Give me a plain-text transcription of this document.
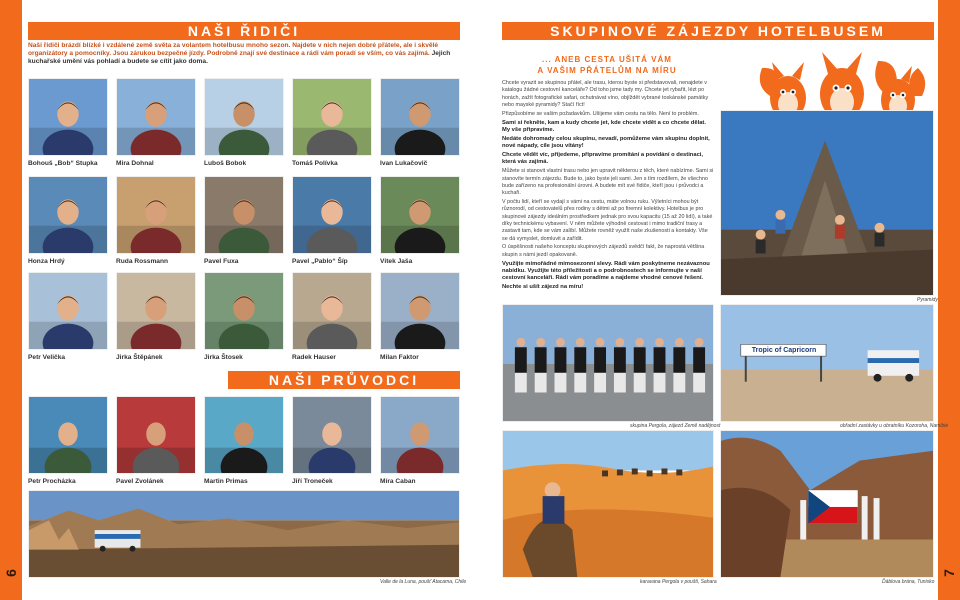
6
NAŠI ŘIDIČI
Naši řidiči brázdí blízké i vzdálené země světa za volantem hotelbusu mnoho sezon. Najdete v nich nejen dobré přátele, ale i skvělé organizátory a pomocníky. Jsou zárukou bezpečné jízdy. Podrobně znají své destinace a rádi vám poradí se vším, co vás zajímá. Jejich kuchařské umění vás pohladí a budete se cítit jako doma.
Bohouš „Bob“ Stupka	Mira Dohnal	Luboš Bobok	Tomáš Polívka	Ivan Lukačovič
Honza Hrdý	Ruda Rossmann	Pavel Fuxa	Pavel „Pablo“ Šíp	Vítek Jaša
Petr Velička	Jirka Štěpánek	Jirka Štosek	Radek Hauser	Milan Faktor
NAŠI PRŮVODCI
Petr Procházka	Pavel Zvolánek	Martin Primas	Jiří Troneček	Míra Caban
Valle de la Luna, poušť Atacama, Chile
7
SKUPINOVÉ ZÁJEZDY HOTELBUSEM
... ANEB CESTA UŠITÁ VÁM
A VAŠIM PŘÁTELŮM NA MÍRU

Chcete vyrazit se skupinou přátel, ale trasu, kterou byste si představovali, nenajdete v katalogu žádné cestovní kanceláře? Od toho jsme tady my. Chcete jet rybařit, lézt po horách, zažít fotografické safari, ochutnávat víno, objíždět vybrané toskánské památky nebo mayské pyramidy? Stačí říct!

Přizpůsobíme se vašim požadavkům. Ušijeme vám cestu na tělo. Není to problém.

Sami si řekněte, kam a kudy chcete jet, kde chcete vidět a co chcete dělat. My vše připravíme.

Nedáte dohromady celou skupinu, nevadí, pomůžeme vám skupinu doplnit, nové nápady, cíle jsou vítány!

Chcete vědět víc, přijedeme, připravíme promítání a povídání o destinaci, která vás zajímá.

Můžete si stanovit vlastní trasu nebo jen upravit některou z těch, které nabízíme. Sami si stanovíte termín zájezdu. Bude to, jako byste jeli sami. Jen s tím rozdílem, že všechno bude zařízeno na profesionální úrovni. A budete mít své řidiče, kteří jsou i průvodci a kuchaři.

V počtu lidí, kteří se vydají s vámi na cestu, máte volnou ruku. Výletníci mohou být různorodí, od cestovatelů přes rodiny s dětmi až po firemní kolektivy. Hotelbus je pro skupinové zájezdy ideálním prostředkem jednak pro svou kapacitu (15 až 20 lidí), a také díky technickému vybavení. V něm můžete výhodně cestovat i mimo tradiční trasy a zastavit tam, kde se vám zalíbí. Můžete rovněž využít naše zkušenosti a kontakty. Vše se dá vymyslet, domluvit a zařídit.

O úspěšnosti našeho konceptu skupinových zájezdů svědčí fakt, že naprostá většina skupin s námi jezdí opakovaně.

Využijte mimořádné mimosezonní slevy. Rádi vám poskytneme nezávaznou nabídku. Využijte této příležitosti a o podrobnostech se informujte v naší cestovní kanceláři. Rádi vám poradíme a najdeme vhodné cenové řešení.

Nechte si ušít zájezd na míru!

Pyramidy
skupina Pergola, zájezd Země nadějnost
Tropic of Capricorn
obřadní zastávky u obratníku Kozoroha, Namibie
karavana Pergola v poušti, Sahara	Ďáblova brána, Tunisko
